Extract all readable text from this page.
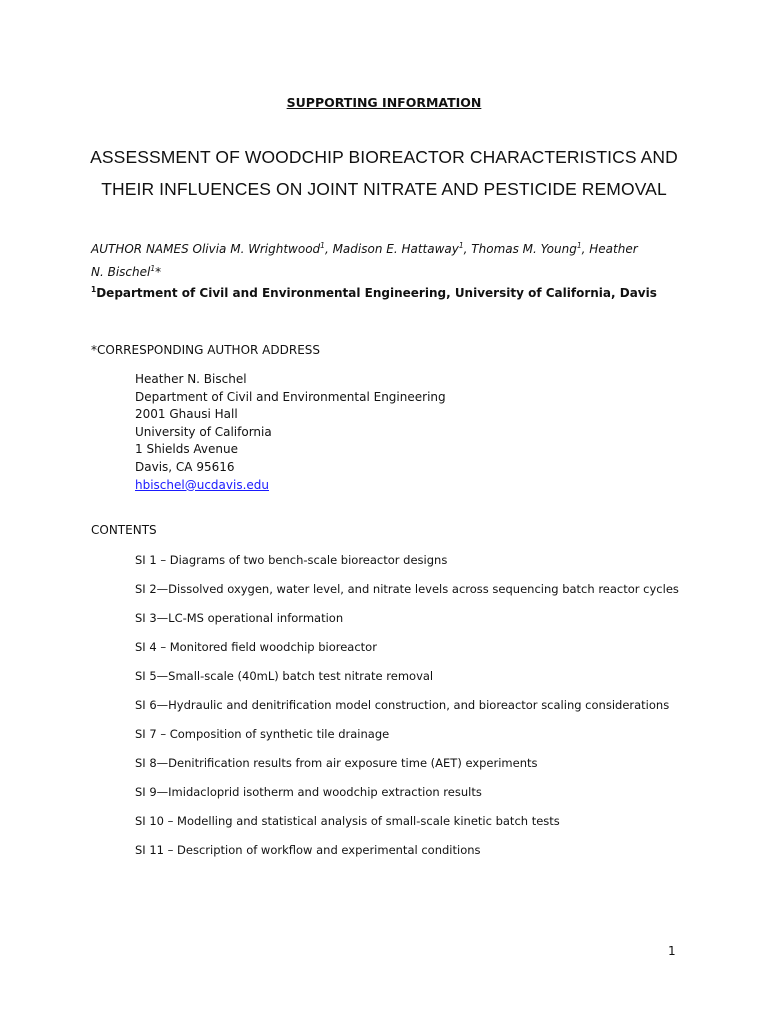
SUPPORTING INFORMATION
ASSESSMENT OF WOODCHIP BIOREACTOR CHARACTERISTICS AND
THEIR INFLUENCES ON JOINT NITRATE AND PESTICIDE REMOVAL
AUTHOR NAMES Olivia M. Wrightwood$^1$, Madison E. Hattaway$^1$, Thomas M. Young$^1$, Heather N. Bischel$^1$*
$^1$Department of Civil and Environmental Engineering, University of California, Davis
*CORRESPONDING AUTHOR ADDRESS
Heather N. Bischel
Department of Civil and Environmental Engineering
2001 Ghausi Hall
University of California
1 Shields Avenue
Davis, CA 95616
hbischel@ucdavis.edu
CONTENTS
SI 1 – Diagrams of two bench-scale bioreactor designs
SI 2—Dissolved oxygen, water level, and nitrate levels across sequencing batch reactor cycles
SI 3—LC-MS operational information
SI 4 – Monitored field woodchip bioreactor
SI 5—Small-scale (40mL) batch test nitrate removal
SI 6—Hydraulic and denitrification model construction, and bioreactor scaling considerations
SI 7 – Composition of synthetic tile drainage
SI 8—Denitrification results from air exposure time (AET) experiments
SI 9—Imidacloprid isotherm and woodchip extraction results
SI 10 – Modelling and statistical analysis of small-scale kinetic batch tests
SI 11 – Description of workflow and experimental conditions
1
